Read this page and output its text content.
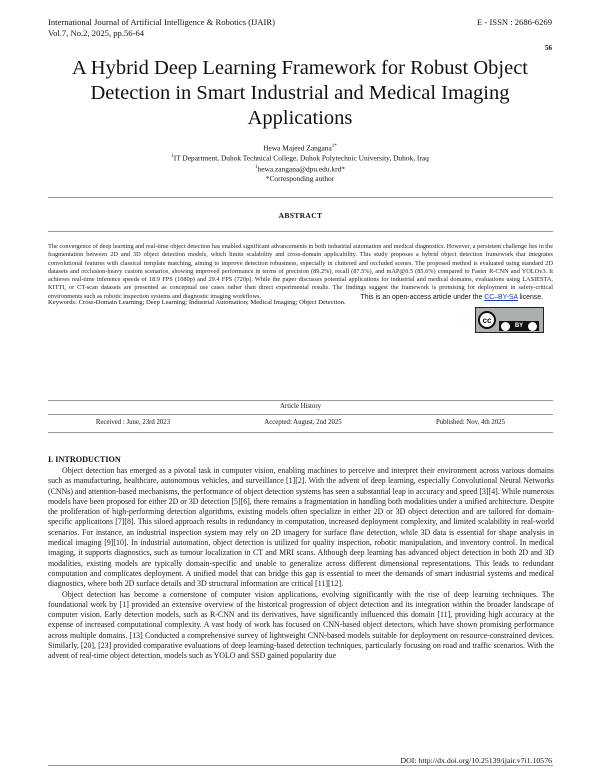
International Journal of Artificial Intelligence & Robotics (IJAIR)	E - ISSN : 2686-6269
Vol.7, No.2, 2025, pp.56-64
56
A Hybrid Deep Learning Framework for Robust Object Detection in Smart Industrial and Medical Imaging Applications
Hewa Majeed Zangana$^{1*}$
$^1$IT Department, Duhok Technical College, Duhok Polytechnic University, Duhok, Iraq
$^1$hewa.zangana@dpu.edu.krd*
*Corresponding author
ABSTRACT
The convergence of deep learning and real-time object detection has enabled significant advancements in both industrial automation and medical diagnostics. However, a persistent challenge lies in the fragmentation between 2D and 3D object detection models, which limits scalability and cross-domain applicability. This study proposes a hybrid object detection framework that integrates convolutional features with classical template matching, aiming to improve detection robustness, especially in cluttered and occluded scenes. The proposed method is evaluated using standard 2D datasets and occlusion-heavy custom scenarios, showing improved performance in terms of precision (89.2%), recall (87.5%), and mAP@0.5 (85.6%) compared to Faster R-CNN and YOLOv3. It achieves real-time inference speeds of 18.9 FPS (1080p) and 29.4 FPS (720p). While the paper discusses potential applications for industrial and medical domains, evaluations using LASIESTA, KITTI, or CT-scan datasets are presented as conceptual use cases rather than direct experimental results. The findings suggest the framework is promising for deployment in safety-critical environments such as robotic inspection systems and diagnostic imaging workflows.
Keywords: Cross-Domain Learning; Deep Learning; Industrial Automation; Medical Imaging; Object Detection.
This is an open-access article under the CC–BY-SA license.
cc
BY
Article History
Received : June, 23rd 2023	Accepted: August, 2nd 2025	Published: Nov, 4th 2025
I. INTRODUCTION

Object detection has emerged as a pivotal task in computer vision, enabling machines to perceive and interpret their environment across various domains such as manufacturing, healthcare, autonomous vehicles, and surveillance [1][2]. With the advent of deep learning, especially Convolutional Neural Networks (CNNs) and attention-based mechanisms, the performance of object detection systems has seen a substantial leap in accuracy and speed [3][4]. While numerous models have been proposed for either 2D or 3D detection [5][6], there remains a fragmentation in handling both modalities under a unified architecture. Despite the proliferation of high-performing detection algorithms, existing models often specialize in either 2D or 3D object detection and are tailored for domain-specific applications [7][8]. This siloed approach results in redundancy in computation, increased deployment complexity, and limited scalability in real-world scenarios. For instance, an industrial inspection system may rely on 2D imagery for surface flaw detection, while 3D data is essential for shape analysis in medical imaging [9][10]. In industrial automation, object detection is utilized for quality inspection, robotic manipulation, and inventory control. In medical imaging, it supports diagnostics, such as tumour localization in CT and MRI scans. Although deep learning has advanced object detection in both 2D and 3D modalities, existing models are typically domain-specific and unable to generalize across different dimensional representations. This leads to redundant computation and complicates deployment. A unified model that can bridge this gap is essential to meet the demands of smart industrial systems and medical diagnostics, where both 2D surface details and 3D structural information are critical [11][12].

Object detection has become a cornerstone of computer vision applications, evolving significantly with the rise of deep learning techniques. The foundational work by [1] provided an extensive overview of the historical progression of object detection and its integration within the broader landscape of computer vision. Early detection models, such as R-CNN and its derivatives, have significantly influenced this domain [11], providing high accuracy at the expense of increased computational complexity. A vast body of work has focused on CNN-based object detectors, which have shown promising performance across multiple domains. [13] Conducted a comprehensive survey of lightweight CNN-based models suitable for deployment on resource-constrained devices. Similarly, [20], [23] provided comparative evaluations of deep learning-based detection techniques, particularly focusing on road and traffic scenarios. With the advent of real-time object detection, models such as YOLO and SSD gained popularity due

DOI: http://dx.doi.org/10.25139/ijair.v7i1.10576
